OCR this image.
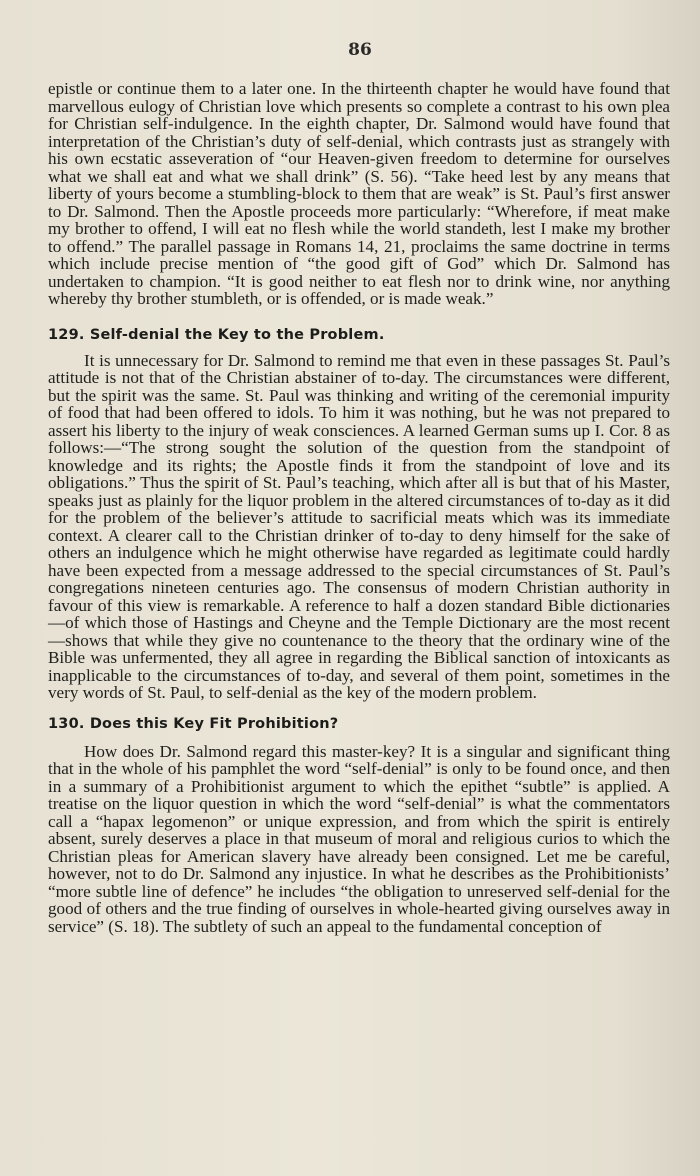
86

epistle or continue them to a later one. In the thirteenth chapter he would have found that marvellous eulogy of Christian love which presents so complete a contrast to his own plea for Christian self-indulgence. In the eighth chapter, Dr. Salmond would have found that interpretation of the Christian’s duty of self-denial, which contrasts just as strangely with his own ecstatic asseveration of “our Heaven-given freedom to determine for ourselves what we shall eat and what we shall drink” (S. 56). “Take heed lest by any means that liberty of yours become a stumbling-block to them that are weak” is St. Paul’s first answer to Dr. Salmond. Then the Apostle proceeds more particularly: “Wherefore, if meat make my brother to offend, I will eat no flesh while the world standeth, lest I make my brother to offend.” The parallel passage in Romans 14, 21, proclaims the same doctrine in terms which include precise mention of “the good gift of God” which Dr. Salmond has undertaken to champion. “It is good neither to eat flesh nor to drink wine, nor anything whereby thy brother stumbleth, or is offended, or is made weak.”

129. Self-denial the Key to the Problem.

It is unnecessary for Dr. Salmond to remind me that even in these passages St. Paul’s attitude is not that of the Christian abstainer of to-day. The circumstances were different, but the spirit was the same. St. Paul was thinking and writing of the ceremonial impurity of food that had been offered to idols. To him it was nothing, but he was not prepared to assert his liberty to the injury of weak consciences. A learned German sums up I. Cor. 8 as follows:—“The strong sought the solution of the question from the standpoint of knowledge and its rights; the Apostle finds it from the standpoint of love and its obligations.” Thus the spirit of St. Paul’s teaching, which after all is but that of his Master, speaks just as plainly for the liquor problem in the altered circumstances of to-day as it did for the problem of the believer’s attitude to sacrificial meats which was its immediate context. A clearer call to the Christian drinker of to-day to deny himself for the sake of others an indulgence which he might otherwise have regarded as legitimate could hardly have been expected from a message addressed to the special circumstances of St. Paul’s congregations nineteen centuries ago. The consensus of modern Christian authority in favour of this view is remarkable. A reference to half a dozen standard Bible dictionaries—of which those of Hastings and Cheyne and the Temple Dictionary are the most recent—shows that while they give no countenance to the theory that the ordinary wine of the Bible was unfermented, they all agree in regarding the Biblical sanction of intoxicants as inapplicable to the circumstances of to-day, and several of them point, sometimes in the very words of St. Paul, to self-denial as the key of the modern problem.

130. Does this Key Fit Prohibition?

How does Dr. Salmond regard this master-key? It is a singular and significant thing that in the whole of his pamphlet the word “self-denial” is only to be found once, and then in a summary of a Prohibitionist argument to which the epithet “subtle” is applied. A treatise on the liquor question in which the word “self-denial” is what the commentators call a “hapax legomenon” or unique expression, and from which the spirit is entirely absent, surely deserves a place in that museum of moral and religious curios to which the Christian pleas for American slavery have already been consigned. Let me be careful, however, not to do Dr. Salmond any injustice. In what he describes as the Prohibitionists’ “more subtle line of defence” he includes “the obligation to unreserved self-denial for the good of others and the true finding of ourselves in whole-hearted giving ourselves away in service” (S. 18). The subtlety of such an appeal to the fundamental conception of
